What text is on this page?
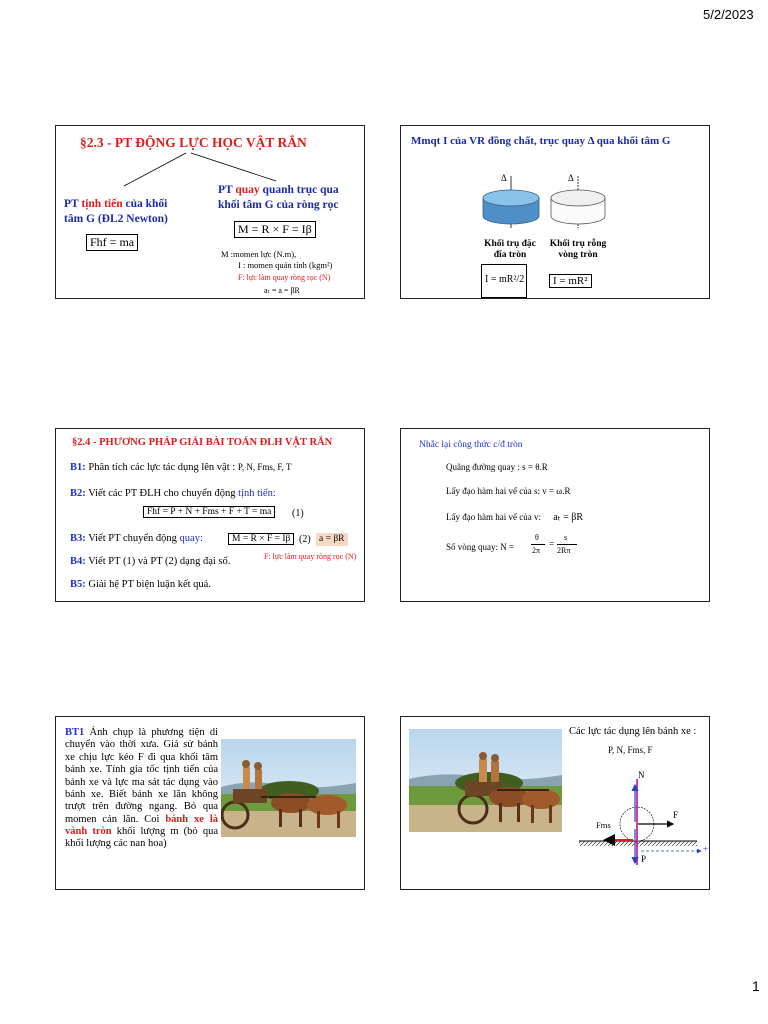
5/2/2023
1
§2.3 - PT ĐỘNG LỰC HỌC VẬT RẮN
PT tịnh tiến của khối
tâm G (ĐL2 Newton)
Fhf = ma
PT quay quanh trục qua
khối tâm G của ròng rọc
M = R × F = Iβ
M :momen lực (N.m),
I : momen quán tính (kgm²)
F: lực làm quay ròng rọc (N)
aₜ = a = βR
Mmqt I của VR đồng chất, trục quay Δ qua khối tâm G
Δ	Δ
Khối trụ đặc
đĩa tròn
Khối trụ rỗng
vòng tròn
I = mR²/2	I = mR²
§2.4 - PHƯƠNG PHÁP GIẢI BÀI TOÁN ĐLH VẬT RẮN
B1: Phân tích các lực tác dụng lên vật : P, N, Fms, F, T
B2: Viết các PT ĐLH cho chuyển động tịnh tiến:
Fhf = P + N + Fms + F + T = ma	(1)
B3: Viết PT chuyển động quay:	M = R × F = Iβ (2) a = βR
B4: Viết PT (1) và PT (2) dạng đại số.	F: lực làm quay ròng rọc (N)
B5: Giải hệ PT biện luận kết quả.
Nhắc lại công thức c/đ tròn
Quãng đường quay : s = θ.R
Lấy đạo hàm hai vế của s: v = ω.R
Lấy đạo hàm hai vế của v: aₜ = βR
Số vòng quay: N =
θ
2π
=
s
2Rπ
BT1 Ảnh chụp là phương tiện di chuyển vào thời xưa. Giả sử bánh xe chịu lực kéo F đi qua khối tâm bánh xe. Tính gia tốc tịnh tiến của bánh xe và lực ma sát tác dụng vào bánh xe. Biết bánh xe lăn không trượt trên đường ngang. Bỏ qua momen cản lăn. Coi bánh xe là vành tròn khối lượng m (bỏ qua khối lượng các nan hoa)
Các lực tác dụng lên bánh xe :
P, N, Fms, F
N
F
Fms
P
+
